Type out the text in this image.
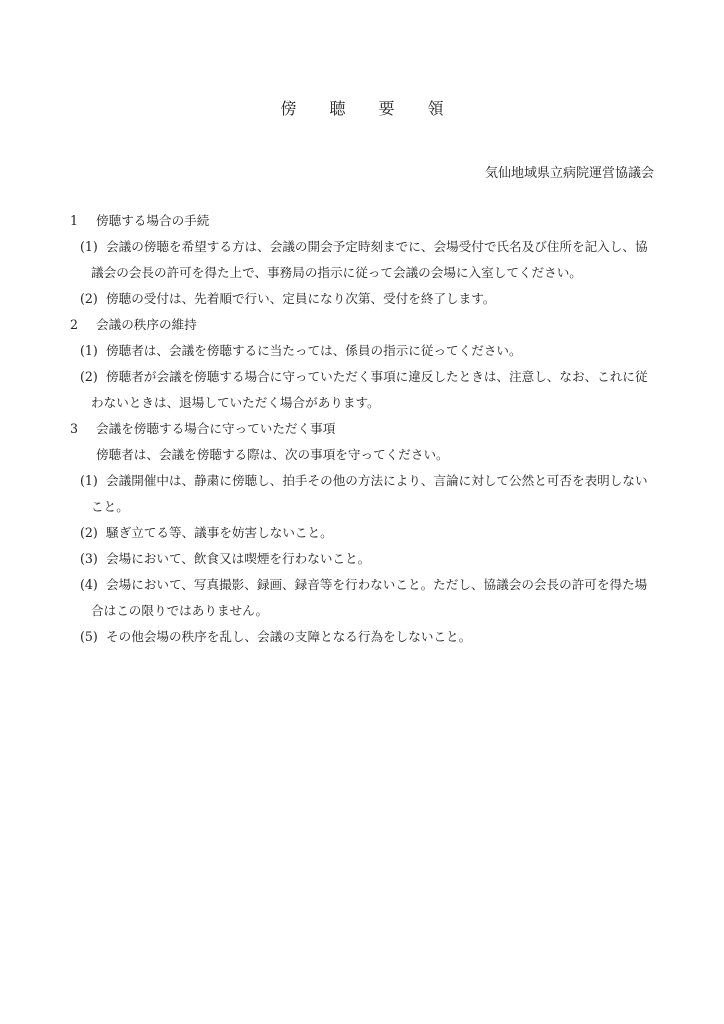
傍 聴 要 領
気仙地域県立病院運営協議会
1 傍聴する場合の手続
(1) 会議の傍聴を希望する方は、会議の開会予定時刻までに、会場受付で氏名及び住所を記入し、協
議会の会長の許可を得た上で、事務局の指示に従って会議の会場に入室してください。
(2) 傍聴の受付は、先着順で行い、定員になり次第、受付を終了します。
2 会議の秩序の維持
(1) 傍聴者は、会議を傍聴するに当たっては、係員の指示に従ってください。
(2) 傍聴者が会議を傍聴する場合に守っていただく事項に違反したときは、注意し、なお、これに従
わないときは、退場していただく場合があります。
3 会議を傍聴する場合に守っていただく事項
傍聴者は、会議を傍聴する際は、次の事項を守ってください。
(1) 会議開催中は、静粛に傍聴し、拍手その他の方法により、言論に対して公然と可否を表明しない
こと。
(2) 騒ぎ立てる等、議事を妨害しないこと。
(3) 会場において、飲食又は喫煙を行わないこと。
(4) 会場において、写真撮影、録画、録音等を行わないこと。ただし、協議会の会長の許可を得た場
合はこの限りではありません。
(5) その他会場の秩序を乱し、会議の支障となる行為をしないこと。
